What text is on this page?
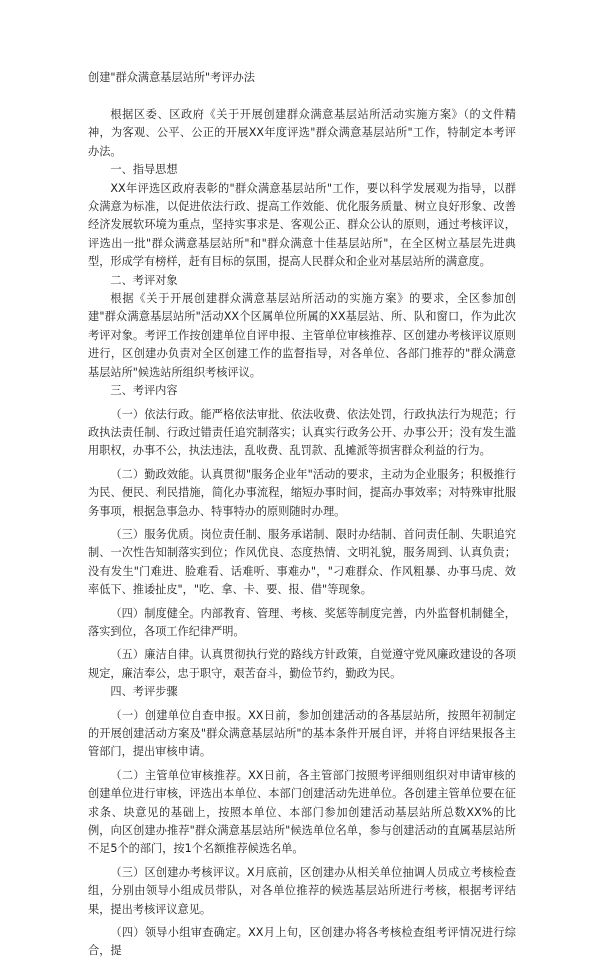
创建"群众满意基层站所"考评办法

根据区委、区政府《关于开展创建群众满意基层站所活动实施方案》（的文件精神，为客观、公平、公正的开展XX年度评选"群众满意基层站所"工作，特制定本考评办法。

一、指导思想

XX年评选区政府表彰的"群众满意基层站所"工作，要以科学发展观为指导，以群众满意为标准，以促进依法行政、提高工作效能、优化服务质量、树立良好形象、改善经济发展软环境为重点，坚持实事求是、客观公正、群众公认的原则，通过考核评议，评选出一批"群众满意基层站所"和"群众满意十佳基层站所"，在全区树立基层先进典型，形成学有榜样，赶有目标的氛围，提高人民群众和企业对基层站所的满意度。

二、考评对象

根据《关于开展创建群众满意基层站所活动的实施方案》的要求，全区参加创建"群众满意基层站所"活动XX个区属单位所属的XX基层站、所、队和窗口，作为此次考评对象。考评工作按创建单位自评申报、主管单位审核推荐、区创建办考核评议原则进行，区创建办负责对全区创建工作的监督指导，对各单位、各部门推荐的"群众满意基层站所"候选站所组织考核评议。

三、考评内容

（一）依法行政。能严格依法审批、依法收费、依法处罚，行政执法行为规范；行政执法责任制、行政过错责任追究制落实；认真实行政务公开、办事公开；没有发生滥用职权，办事不公，执法违法，乱收费、乱罚款、乱摊派等损害群众利益的行为。

（二）勤政效能。认真贯彻"服务企业年"活动的要求，主动为企业服务；积极推行为民、便民、利民措施，简化办事流程，缩短办事时间，提高办事效率；对特殊审批服务事项，根据急事急办、特事特办的原则随时办理。

（三）服务优质。岗位责任制、服务承诺制、限时办结制、首问责任制、失职追究制、一次性告知制落实到位；作风优良、态度热情、文明礼貌，服务周到、认真负责；没有发生"门难进、脸难看、话难听、事难办"，"刁难群众、作风粗暴、办事马虎、效率低下、推诿扯皮"，"吃、拿、卡、要、报、借"等现象。

（四）制度健全。内部教育、管理、考核、奖惩等制度完善，内外监督机制健全，落实到位，各项工作纪律严明。

（五）廉洁自律。认真贯彻执行党的路线方针政策，自觉遵守党风廉政建设的各项规定，廉洁奉公，忠于职守，艰苦奋斗，勤俭节约，勤政为民。

四、考评步骤

（一）创建单位自查申报。XX日前，参加创建活动的各基层站所，按照年初制定的开展创建活动方案及"群众满意基层站所"的基本条件开展自评，并将自评结果报各主管部门，提出审核申请。

（二）主管单位审核推荐。XX日前，各主管部门按照考评细则组织对申请审核的创建单位进行审核，评选出本单位、本部门创建活动先进单位。各创建主管单位要在征求条、块意见的基础上，按照本单位、本部门参加创建活动基层站所总数XX%的比例，向区创建办推荐"群众满意基层站所"候选单位名单，参与创建活动的直属基层站所不足5个的部门，按1个名额推荐候选名单。

（三）区创建办考核评议。X月底前，区创建办从相关单位抽调人员成立考核检查组，分别由领导小组成员带队，对各单位推荐的候选基层站所进行考核，根据考评结果，提出考核评议意见。

（四）领导小组审查确定。XX月上旬，区创建办将各考核检查组考评情况进行综合，提
